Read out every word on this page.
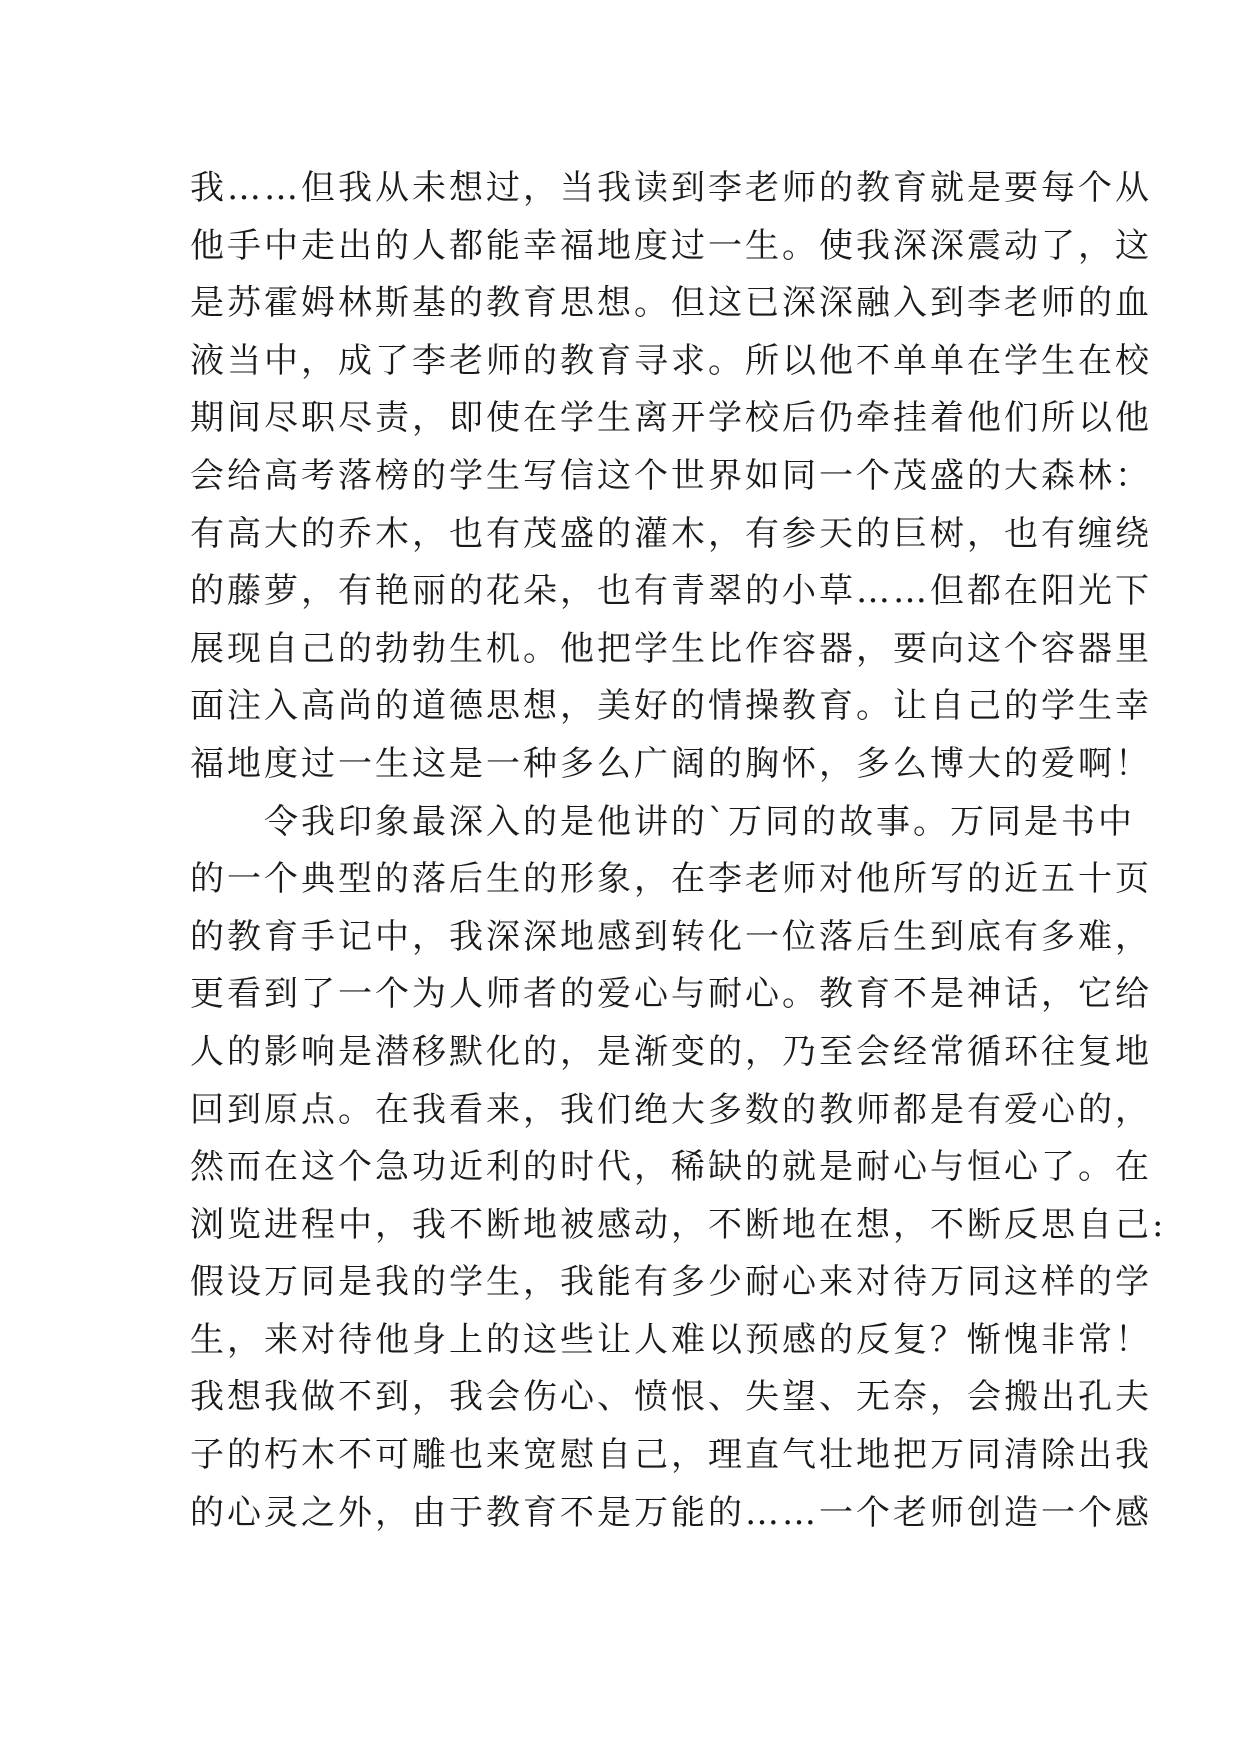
我……但我从未想过，当我读到李老师的教育就是要每个从
他手中走出的人都能幸福地度过一生。使我深深震动了，这
是苏霍姆林斯基的教育思想。但这已深深融入到李老师的血
液当中，成了李老师的教育寻求。所以他不单单在学生在校
期间尽职尽责，即使在学生离开学校后仍牵挂着他们所以他
会给高考落榜的学生写信这个世界如同一个茂盛的大森林：
有高大的乔木，也有茂盛的灌木，有参天的巨树，也有缠绕
的藤萝，有艳丽的花朵，也有青翠的小草……但都在阳光下
展现自己的勃勃生机。他把学生比作容器，要向这个容器里
面注入高尚的道德思想，美好的情操教育。让自己的学生幸
福地度过一生这是一种多么广阔的胸怀，多么博大的爱啊！
　　令我印象最深入的是他讲的`万同的故事。万同是书中
的一个典型的落后生的形象，在李老师对他所写的近五十页
的教育手记中，我深深地感到转化一位落后生到底有多难，
更看到了一个为人师者的爱心与耐心。教育不是神话，它给
人的影响是潜移默化的，是渐变的，乃至会经常循环往复地
回到原点。在我看来，我们绝大多数的教师都是有爱心的，
然而在这个急功近利的时代，稀缺的就是耐心与恒心了。在
浏览进程中，我不断地被感动，不断地在想，不断反思自己:
假设万同是我的学生，我能有多少耐心来对待万同这样的学
生，来对待他身上的这些让人难以预感的反复？惭愧非常！
我想我做不到，我会伤心、愤恨、失望、无奈，会搬出孔夫
子的朽木不可雕也来宽慰自己，理直气壮地把万同清除出我
的心灵之外，由于教育不是万能的……一个老师创造一个感
